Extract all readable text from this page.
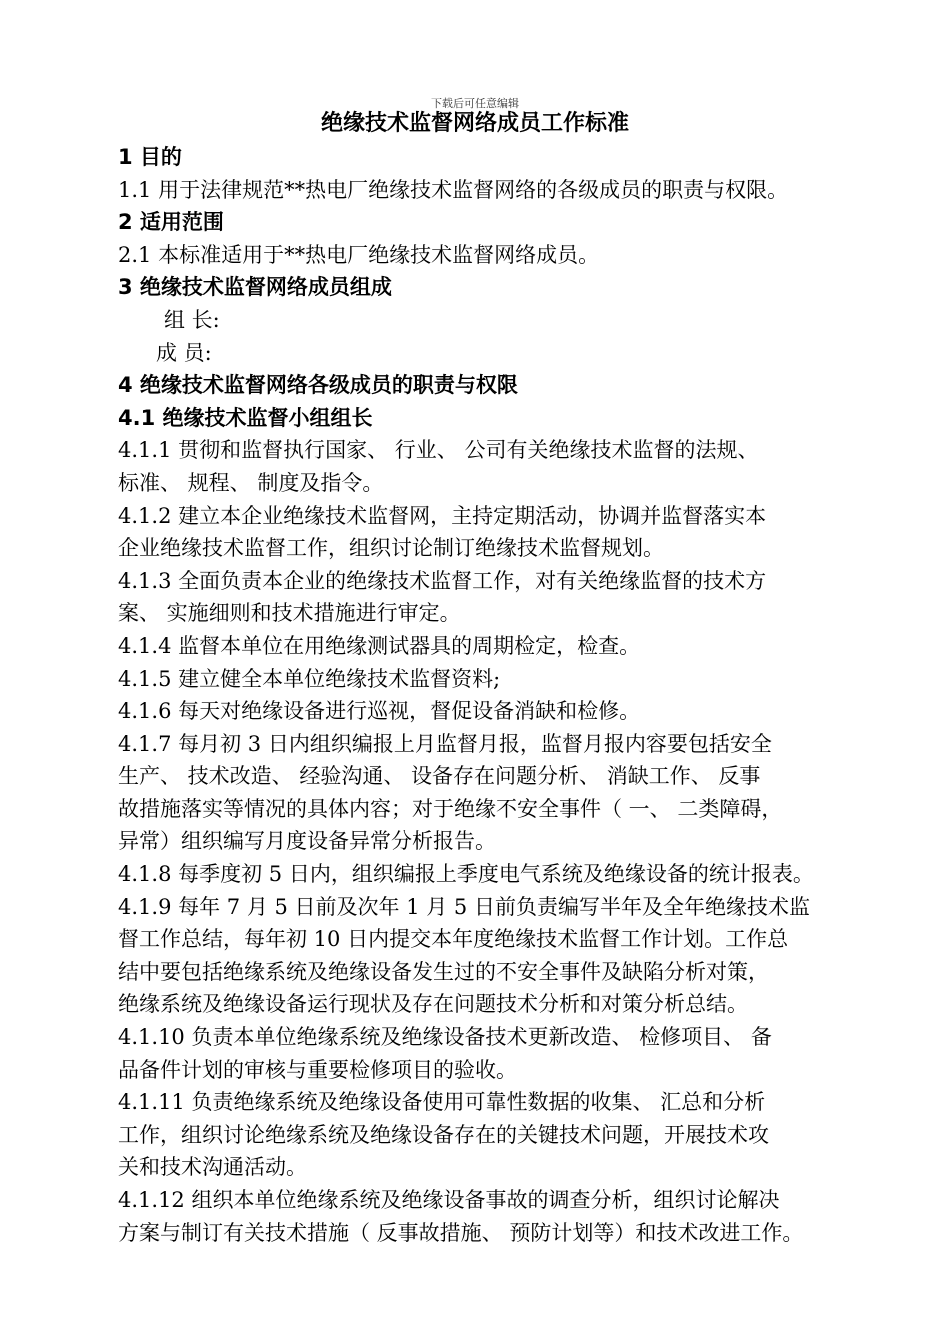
下载后可任意编辑
绝缘技术监督网络成员工作标准
1 目的
1.1 用于法律规范**热电厂绝缘技术监督网络的各级成员的职责与权限。
2 适用范围
2.1 本标准适用于**热电厂绝缘技术监督网络成员。
3 绝缘技术监督网络成员组成
组 长:
成 员:
4 绝缘技术监督网络各级成员的职责与权限
4.1 绝缘技术监督小组组长
4.1.1 贯彻和监督执行国家、 行业、 公司有关绝缘技术监督的法规、
标准、 规程、 制度及指令。
4.1.2 建立本企业绝缘技术监督网，主持定期活动，协调并监督落实本
企业绝缘技术监督工作，组织讨论制订绝缘技术监督规划。
4.1.3 全面负责本企业的绝缘技术监督工作，对有关绝缘监督的技术方
案、 实施细则和技术措施进行审定。
4.1.4 监督本单位在用绝缘测试器具的周期检定，检查。
4.1.5 建立健全本单位绝缘技术监督资料;
4.1.6 每天对绝缘设备进行巡视，督促设备消缺和检修。
4.1.7 每月初 3 日内组织编报上月监督月报，监督月报内容要包括安全
生产、 技术改造、 经验沟通、 设备存在问题分析、 消缺工作、 反事
故措施落实等情况的具体内容；对于绝缘不安全事件（ 一、 二类障碍，
异常）组织编写月度设备异常分析报告。
4.1.8 每季度初 5 日内，组织编报上季度电气系统及绝缘设备的统计报表。
4.1.9 每年 7 月 5 日前及次年 1 月 5 日前负责编写半年及全年绝缘技术监
督工作总结，每年初 10 日内提交本年度绝缘技术监督工作计划。工作总
结中要包括绝缘系统及绝缘设备发生过的不安全事件及缺陷分析对策，
绝缘系统及绝缘设备运行现状及存在问题技术分析和对策分析总结。
4.1.10 负责本单位绝缘系统及绝缘设备技术更新改造、 检修项目、 备
品备件计划的审核与重要检修项目的验收。
4.1.11 负责绝缘系统及绝缘设备使用可靠性数据的收集、 汇总和分析
工作，组织讨论绝缘系统及绝缘设备存在的关键技术问题，开展技术攻
关和技术沟通活动。
4.1.12 组织本单位绝缘系统及绝缘设备事故的调查分析，组织讨论解决
方案与制订有关技术措施（ 反事故措施、 预防计划等）和技术改进工作。
